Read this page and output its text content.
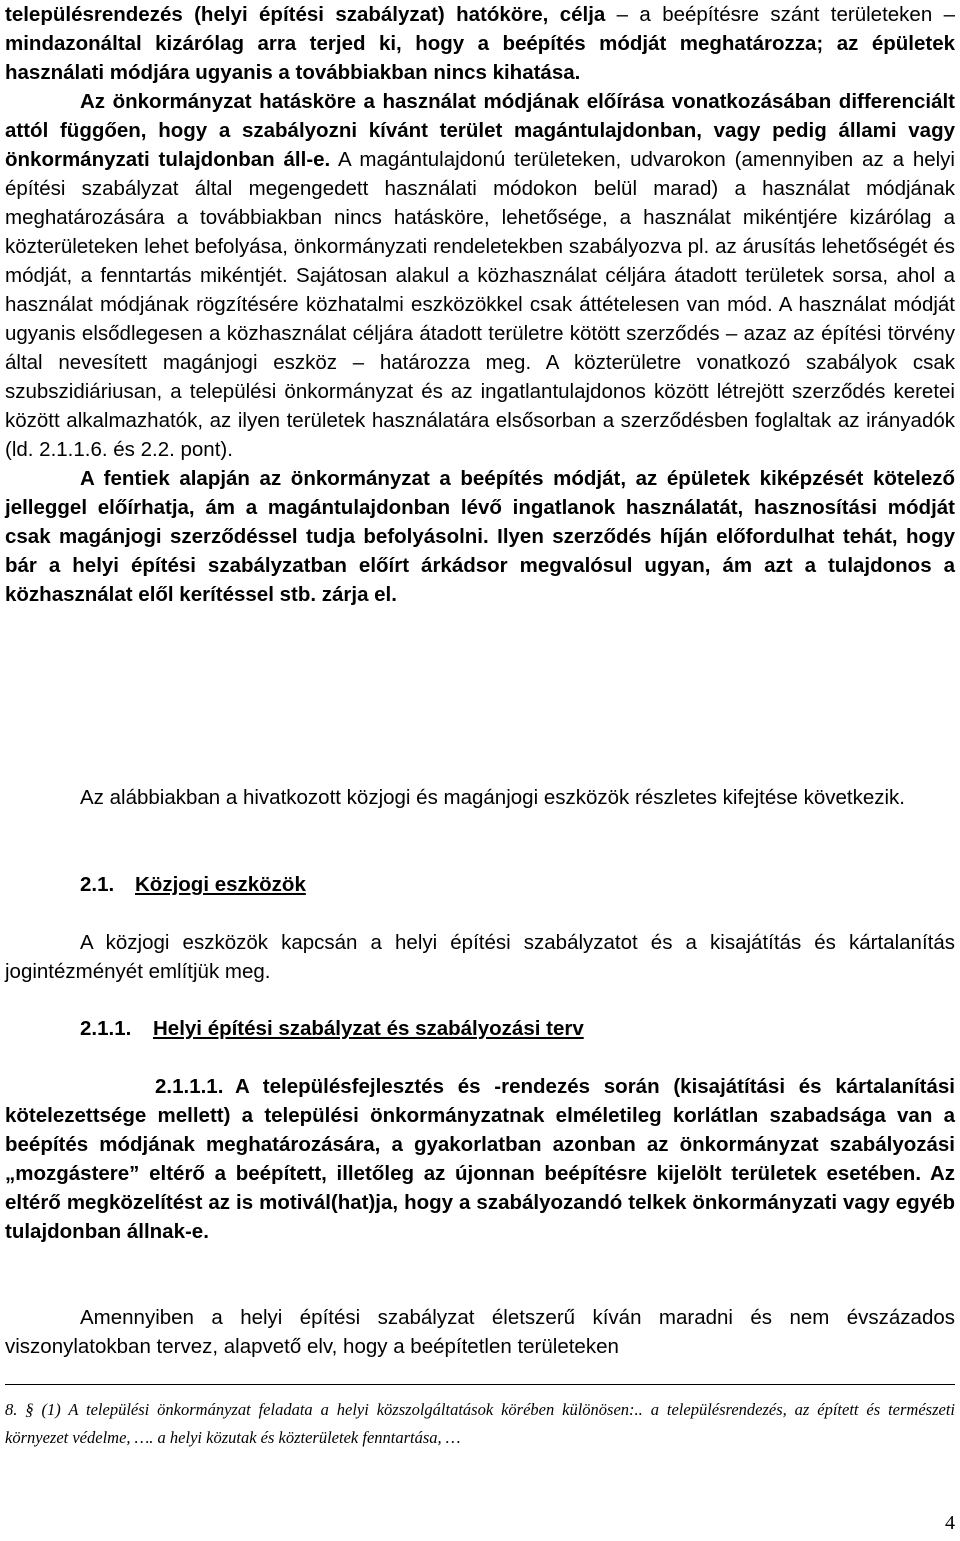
településrendezés (helyi építési szabályzat) hatóköre, célja – a beépítésre szánt területeken – mindazonáltal kizárólag arra terjed ki, hogy a beépítés módját meghatározza; az épületek használati módjára ugyanis a továbbiakban nincs kihatása.

Az önkormányzat hatásköre a használat módjának előírása vonatkozásában differenciált attól függően, hogy a szabályozni kívánt terület magántulajdonban, vagy pedig állami vagy önkormányzati tulajdonban áll-e. A magántulajdonú területeken, udvarokon (amennyiben az a helyi építési szabályzat által megengedett használati módokon belül marad) a használat módjának meghatározására a továbbiakban nincs hatásköre, lehetősége, a használat mikéntjére kizárólag a közterületeken lehet befolyása, önkormányzati rendeletekben szabályozva pl. az árusítás lehetőségét és módját, a fenntartás mikéntjét. Sajátosan alakul a közhasználat céljára átadott területek sorsa, ahol a használat módjának rögzítésére közhatalmi eszközökkel csak áttételesen van mód. A használat módját ugyanis elsődlegesen a közhasználat céljára átadott területre kötött szerződés – azaz az építési törvény által nevesített magánjogi eszköz – határozza meg. A közterületre vonatkozó szabályok csak szubszidiáriusan, a települési önkormányzat és az ingatlantulajdonos között létrejött szerződés keretei között alkalmazhatók, az ilyen területek használatára elsősorban a szerződésben foglaltak az irányadók (ld. 2.1.1.6. és 2.2. pont).

A fentiek alapján az önkormányzat a beépítés módját, az épületek kiképzését kötelező jelleggel előírhatja, ám a magántulajdonban lévő ingatlanok használatát, hasznosítási módját csak magánjogi szerződéssel tudja befolyásolni. Ilyen szerződés híján előfordulhat tehát, hogy bár a helyi építési szabályzatban előírt árkádsor megvalósul ugyan, ám azt a tulajdonos a közhasználat elől kerítéssel stb. zárja el.

Az alábbiakban a hivatkozott közjogi és magánjogi eszközök részletes kifejtése következik.

2.1. Közjogi eszközök

A közjogi eszközök kapcsán a helyi építési szabályzatot és a kisajátítás és kártalanítás jogintézményét említjük meg.

2.1.1. Helyi építési szabályzat és szabályozási terv

2.1.1.1. A településfejlesztés és -rendezés során (kisajátítási és kártalanítási kötelezettsége mellett) a települési önkormányzatnak elméletileg korlátlan szabadsága van a beépítés módjának meghatározására, a gyakorlatban azonban az önkormányzat szabályozási „mozgástere” eltérő a beépített, illetőleg az újonnan beépítésre kijelölt területek esetében. Az eltérő megközelítést az is motivál(hat)ja, hogy a szabályozandó telkek önkormányzati vagy egyéb tulajdonban állnak-e.

Amennyiben a helyi építési szabályzat életszerű kíván maradni és nem évszázados viszonylatokban tervez, alapvető elv, hogy a beépítetlen területeken

8. § (1) A települési önkormányzat feladata a helyi közszolgáltatások körében különösen:.. a településrendezés, az épített és természeti környezet védelme, …. a helyi közutak és közterületek fenntartása, …
4
